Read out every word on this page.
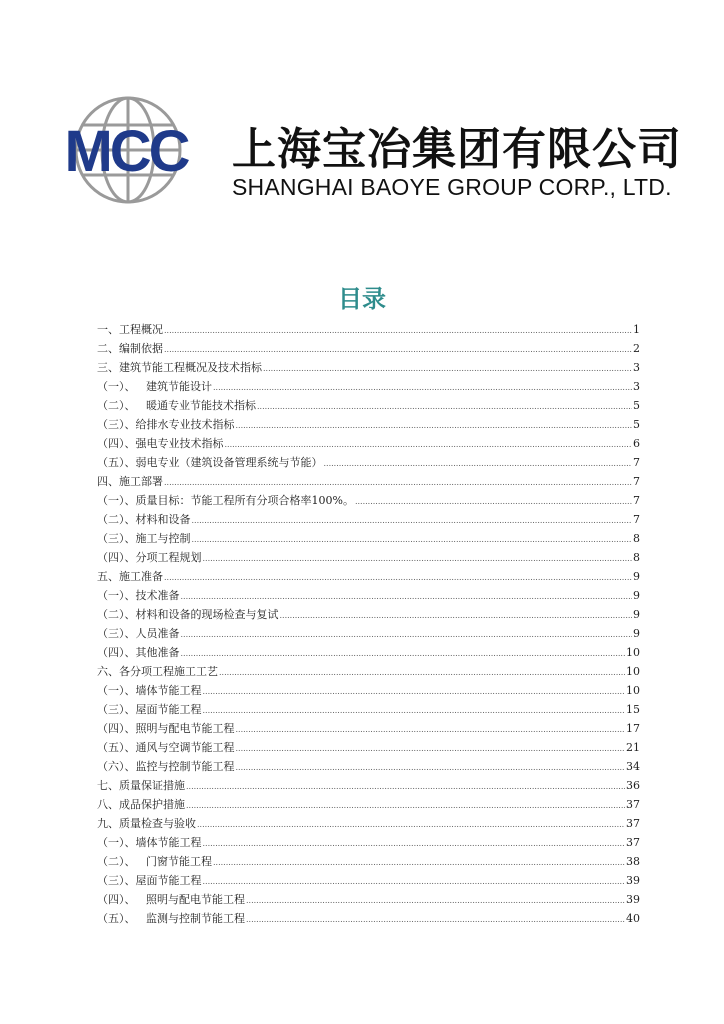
MCC 上海宝冶集团有限公司
SHANGHAI BAOYE GROUP CORP., LTD.
目录
一、工程概况 .....	1
二、编制依据 .....	2
三、建筑节能工程概况及技术指标 .....	3
（一）、   建筑节能设计 .....	3
（二）、   暖通专业节能技术指标 .....	5
（三）、给排水专业技术指标 .....	5
（四）、强电专业技术指标 .....	6
（五）、弱电专业（建筑设备管理系统与节能） .....	7
四、施工部署 .....	7
（一）、质量目标：节能工程所有分项合格率100%。 .....	7
（二）、材料和设备 .....	7
（三）、施工与控制 .....	8
（四）、分项工程规划 .....	8
五、施工准备 .....	9
（一）、技术准备 .....	9
（二）、材料和设备的现场检查与复试 .....	9
（三）、人员准备 .....	9
（四）、其他准备 .....	10
六、各分项工程施工工艺 .....	10
（一）、墙体节能工程 .....	10
（三）、屋面节能工程 .....	15
（四）、照明与配电节能工程 .....	17
（五）、通风与空调节能工程 .....	21
（六）、监控与控制节能工程 .....	34
七、质量保证措施 .....	36
八、成品保护措施 .....	37
九、质量检查与验收 .....	37
（一）、墙体节能工程 .....	37
（二）、   门窗节能工程 .....	38
（三）、屋面节能工程 .....	39
（四）、   照明与配电节能工程 .....	39
（五）、   监测与控制节能工程 .....	40
